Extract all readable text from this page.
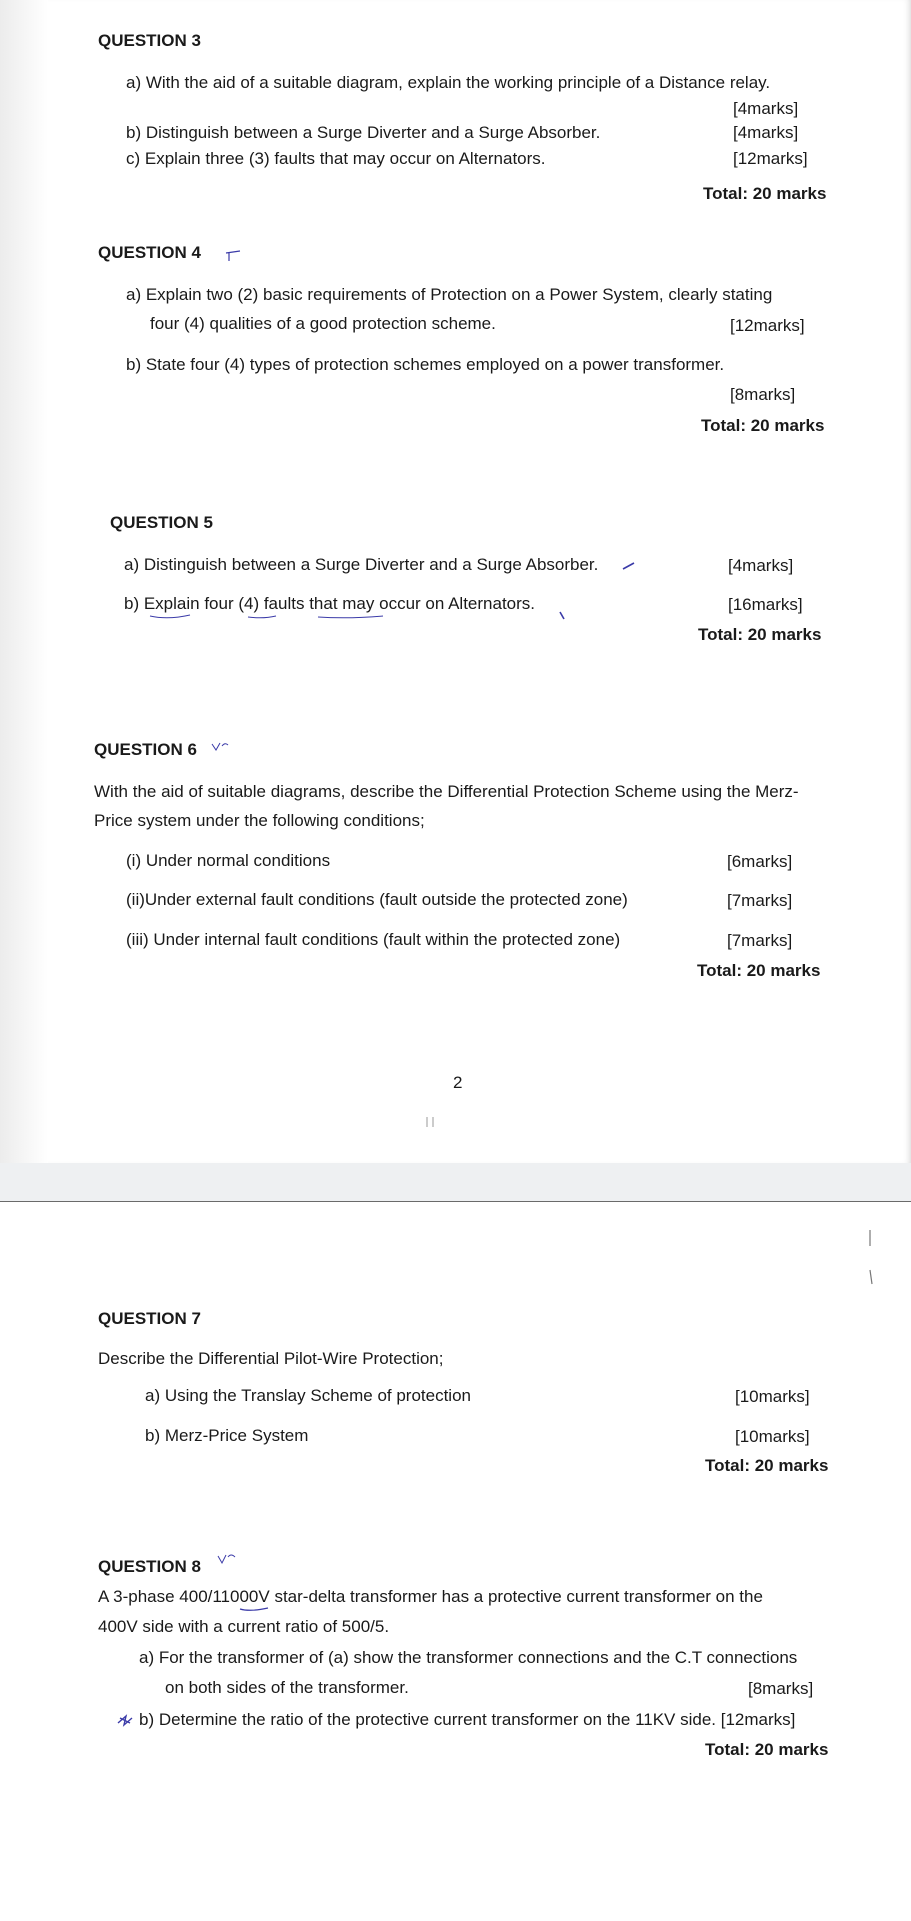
QUESTION 3
a) With the aid of a suitable diagram, explain the working principle of a Distance relay.
[4marks]
b) Distinguish between a Surge Diverter and a Surge Absorber.	[4marks]
c) Explain three (3) faults that may occur on Alternators.	[12marks]
Total: 20 marks
QUESTION 4
a) Explain two (2) basic requirements of Protection on a Power System, clearly stating
four (4) qualities of a good protection scheme.	[12marks]
b) State four (4) types of protection schemes employed on a power transformer.
[8marks]
Total: 20 marks
QUESTION 5
a) Distinguish between a Surge Diverter and a Surge Absorber.	[4marks]
b) Explain four (4) faults that may occur on Alternators.	[16marks]
Total: 20 marks
QUESTION 6
With the aid of suitable diagrams, describe the Differential Protection Scheme using the Merz-
Price system under the following conditions;
(i) Under normal conditions	[6marks]
(ii)Under external fault conditions (fault outside the protected zone)	[7marks]
(iii) Under internal fault conditions (fault within the protected zone)	[7marks]
Total: 20 marks
2
QUESTION 7
Describe the Differential Pilot-Wire Protection;
a) Using the Translay Scheme of protection	[10marks]
b) Merz-Price System	[10marks]
Total: 20 marks
QUESTION 8
A 3-phase 400/11000V star-delta transformer has a protective current transformer on the
400V side with a current ratio of 500/5.
a) For the transformer of (a) show the transformer connections and the C.T connections
on both sides of the transformer.	[8marks]
b) Determine the ratio of the protective current transformer on the 11KV side. [12marks]
Total: 20 marks
